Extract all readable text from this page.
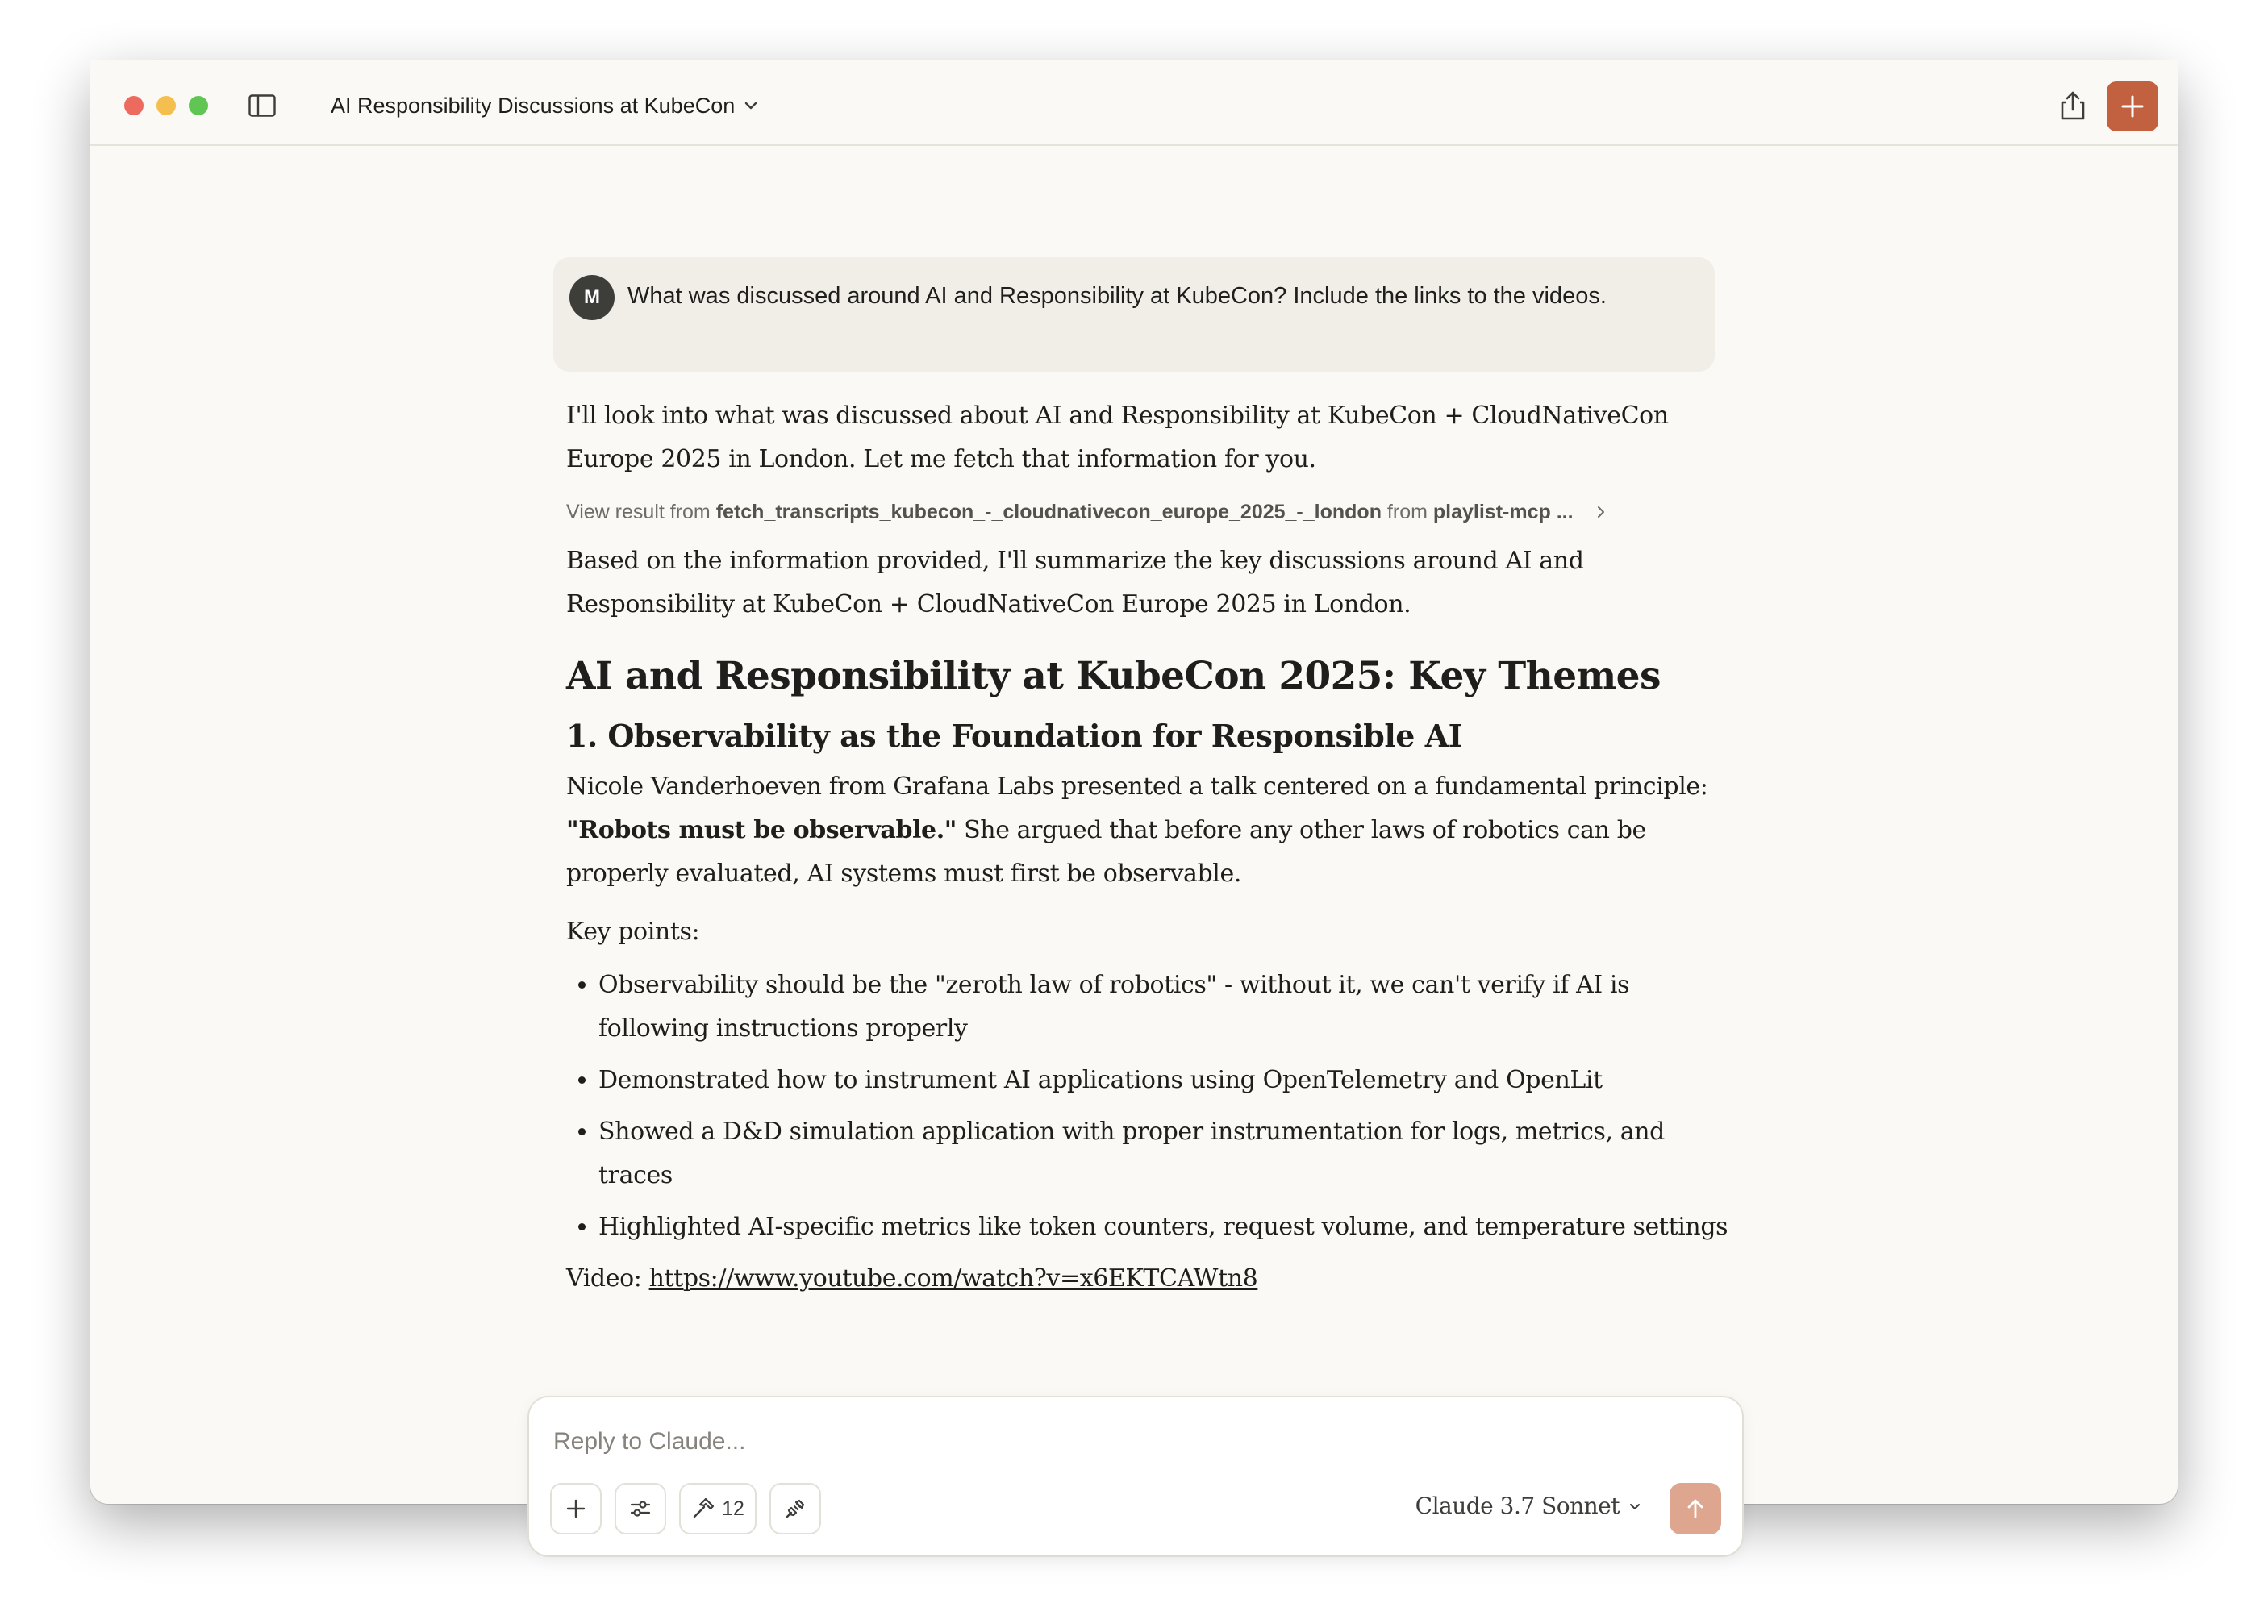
AI Responsibility Discussions at KubeCon
M	What was discussed around AI and Responsibility at KubeCon? Include the links to the videos.

I'll look into what was discussed about AI and Responsibility at KubeCon + CloudNativeCon Europe 2025 in London. Let me fetch that information for you.

View result from
fetch_transcripts_kubecon_-_cloudnativecon_europe_2025_-_london
from
playlist-mcp ...

Based on the information provided, I'll summarize the key discussions around AI and Responsibility at KubeCon + CloudNativeCon Europe 2025 in London.

AI and Responsibility at KubeCon 2025: Key Themes
1. Observability as the Foundation for Responsible AI

Nicole Vanderhoeven from Grafana Labs presented a talk centered on a fundamental principle: "Robots must be observable." She argued that before any other laws of robotics can be properly evaluated, AI systems must first be observable.

Key points:

• Observability should be the "zeroth law of robotics" - without it, we can't verify if AI is following instructions properly
• Demonstrated how to instrument AI applications using OpenTelemetry and OpenLit
• Showed a D&D simulation application with proper instrumentation for logs, metrics, and traces
• Highlighted AI-specific metrics like token counters, request volume, and temperature settings

Video: https://www.youtube.com/watch?v=x6EKTCAWtn8

Reply to Claude...
12	Claude 3.7 Sonnet
